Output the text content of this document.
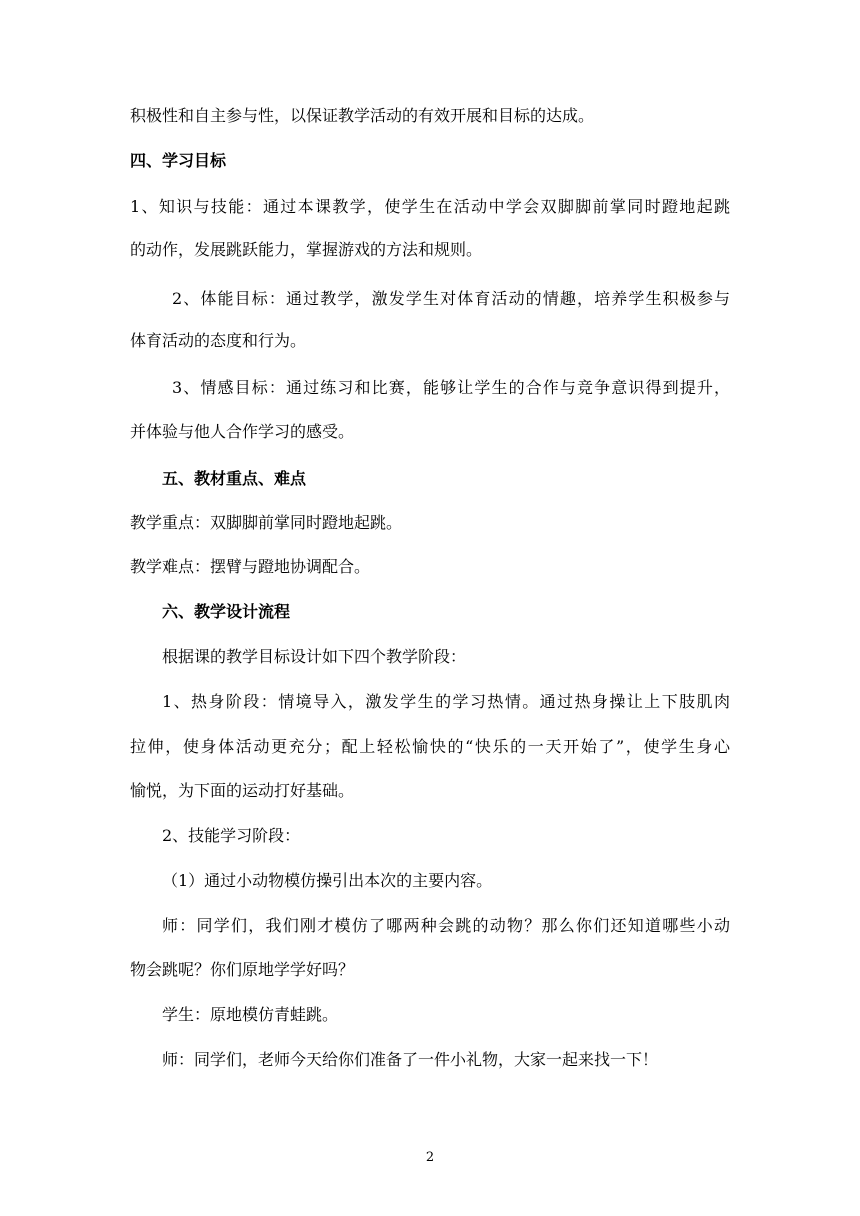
积极性和自主参与性，以保证教学活动的有效开展和目标的达成。
四、学习目标
1、知识与技能：通过本课教学，使学生在活动中学会双脚脚前掌同时蹬地起跳
的动作，发展跳跃能力，掌握游戏的方法和规则。
2、体能目标：通过教学，激发学生对体育活动的情趣，培养学生积极参与
体育活动的态度和行为。
3、情感目标：通过练习和比赛，能够让学生的合作与竞争意识得到提升，
并体验与他人合作学习的感受。
五、教材重点、难点
教学重点：双脚脚前掌同时蹬地起跳。
教学难点：摆臂与蹬地协调配合。
六、教学设计流程
根据课的教学目标设计如下四个教学阶段：
1、热身阶段：情境导入，激发学生的学习热情。通过热身操让上下肢肌肉
拉伸，使身体活动更充分；配上轻松愉快的“快乐的一天开始了”，使学生身心
愉悦，为下面的运动打好基础。
2、技能学习阶段：
（1）通过小动物模仿操引出本次的主要内容。
师：同学们，我们刚才模仿了哪两种会跳的动物？那么你们还知道哪些小动
物会跳呢？你们原地学学好吗？
学生：原地模仿青蛙跳。
师：同学们，老师今天给你们准备了一件小礼物，大家一起来找一下！
2
